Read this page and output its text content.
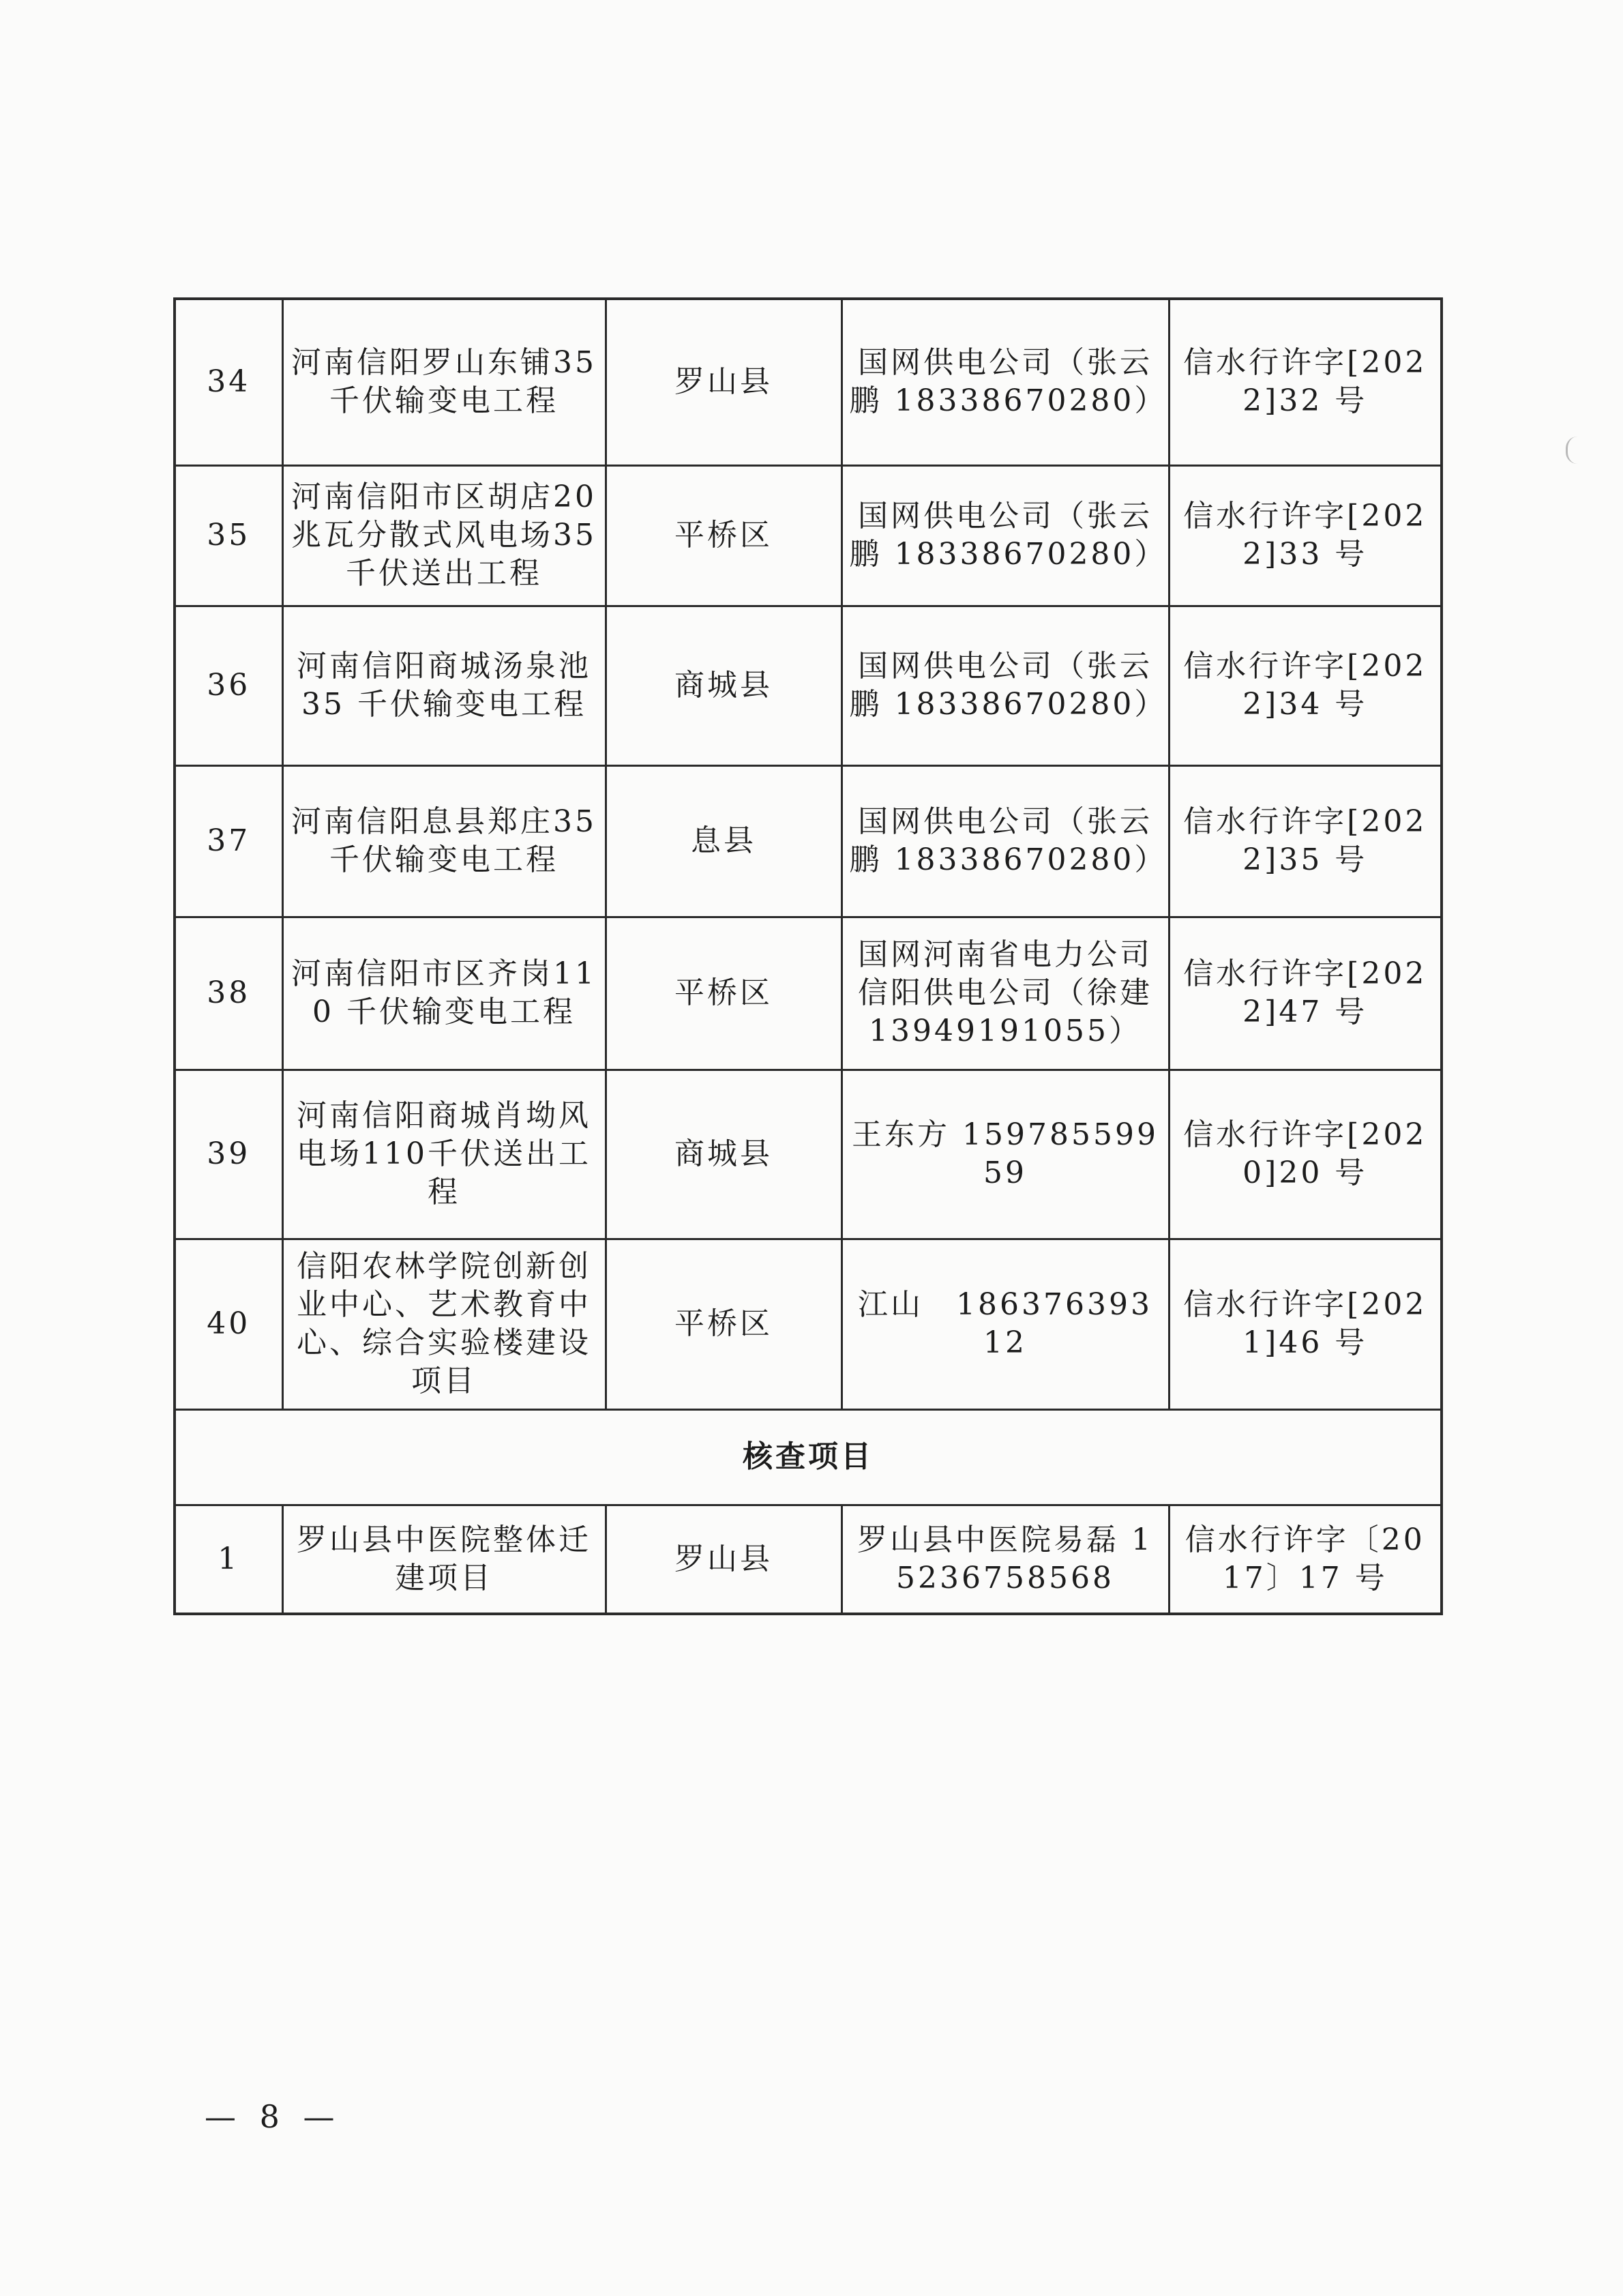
34	河南信阳罗山东铺35千伏输变电工程	罗山县	国网供电公司（张云鹏 18338670280）	信水行许字[2022]32 号
35	河南信阳市区胡店20兆瓦分散式风电场35千伏送出工程	平桥区	国网供电公司（张云鹏 18338670280）	信水行许字[2022]33 号
36	河南信阳商城汤泉池35 千伏输变电工程	商城县	国网供电公司（张云鹏 18338670280）	信水行许字[2022]34 号
37	河南信阳息县郑庄35千伏输变电工程	息县	国网供电公司（张云鹏 18338670280）	信水行许字[2022]35 号
38	河南信阳市区齐岗110 千伏输变电工程	平桥区	国网河南省电力公司信阳供电公司（徐建13949191055）	信水行许字[2022]47 号
39	河南信阳商城肖坳风电场110千伏送出工程	商城县	王东方 15978559959	信水行许字[2020]20 号
40	信阳农林学院创新创业中心、艺术教育中心、综合实验楼建设项目	平桥区	江山　18637639312	信水行许字[2021]46 号
核查项目				
1	罗山县中医院整体迁建项目	罗山县	罗山县中医院易磊 15236758568	信水行许字〔2017〕17 号
— 8 —
